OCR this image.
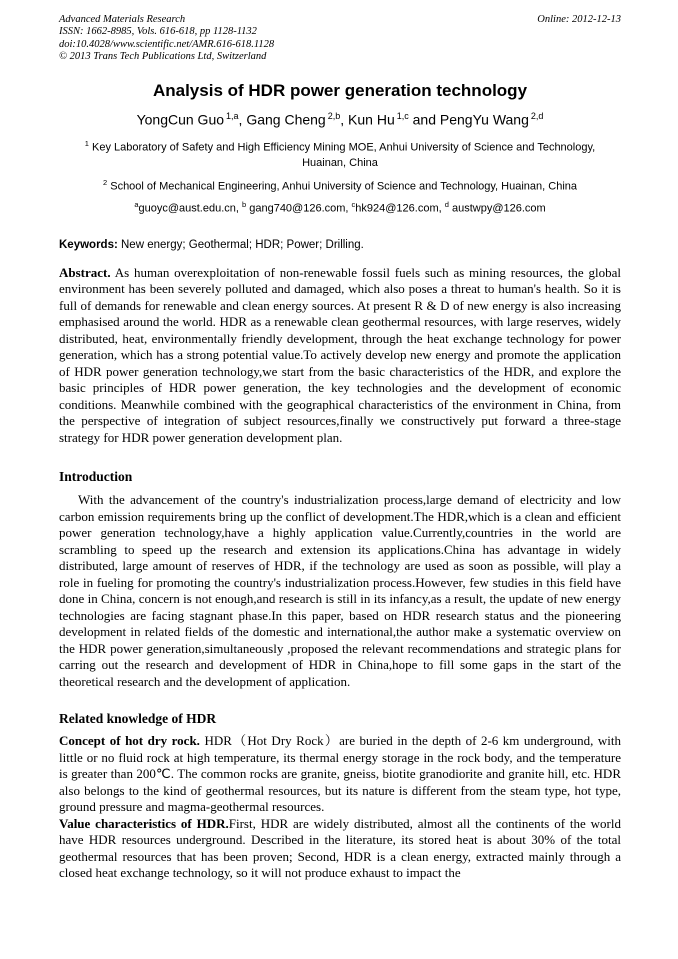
Advanced Materials Research
ISSN: 1662-8985, Vols. 616-618, pp 1128-1132
doi:10.4028/www.scientific.net/AMR.616-618.1128
© 2013 Trans Tech Publications Ltd, Switzerland
Online: 2012-12-13
Analysis of HDR power generation technology

YongCun Guo $^{1,a}$, Gang Cheng $^{2,b}$, Kun Hu $^{1,c}$ and PengYu Wang $^{2,d}$

$^1$ Key Laboratory of Safety and High Efficiency Mining MOE, Anhui University of Science and Technology, Huainan, China

$^2$ School of Mechanical Engineering, Anhui University of Science and Technology, Huainan, China

$^a$guoyc@aust.edu.cn, $^b$ gang740@126.com, $^c$hk924@126.com, $^d$ austwpy@126.com

Keywords: New energy; Geothermal; HDR; Power; Drilling.

Abstract. As human overexploitation of non-renewable fossil fuels such as mining resources, the global environment has been severely polluted and damaged, which also poses a threat to human's health. So it is full of demands for renewable and clean energy sources. At present R & D of new energy is also increasing emphasised around the world. HDR as a renewable clean geothermal resources, with large reserves, widely distributed, heat, environmentally friendly development, through the heat exchange technology for power generation, which has a strong potential value.To actively develop new energy and promote the application of HDR power generation technology,we start from the basic characteristics of the HDR, and explore the basic principles of HDR power generation, the key technologies and the development of economic conditions. Meanwhile combined with the geographical characteristics of the environment in China, from the perspective of integration of subject resources,finally we constructively put forward a three-stage strategy for HDR power generation development plan.

Introduction

With the advancement of the country's industrialization process,large demand of electricity and low carbon emission requirements bring up the conflict of development.The HDR,which is a clean and efficient power generation technology,have a highly application value.Currently,countries in the world are scrambling to speed up the research and extension its applications.China has advantage in widely distributed, large amount of reserves of HDR, if the technology are used as soon as possible, will play a role in fueling for promoting the country's industrialization process.However, few studies in this field have done in China, concern is not enough,and research is still in its infancy,as a result, the update of new energy technologies are facing stagnant phase.In this paper, based on HDR research status and the pioneering development in related fields of the domestic and international,the author make a systematic overview on the HDR power generation,simultaneously ,proposed the relevant recommendations and strategic plans for carring out the research and development of HDR in China,hope to fill some gaps in the start of the theoretical research and the development of application.

Related knowledge of HDR

Concept of hot dry rock. HDR（Hot Dry Rock）are buried in the depth of 2-6 km underground, with little or no fluid rock at high temperature, its thermal energy storage in the rock body, and the temperature is greater than 200℃. The common rocks are granite, gneiss, biotite granodiorite and granite hill, etc. HDR also belongs to the kind of geothermal resources, but its nature is different from the steam type, hot type, ground pressure and magma-geothermal resources.

Value characteristics of HDR.First, HDR are widely distributed, almost all the continents of the world have HDR resources underground. Described in the literature, its stored heat is about 30% of the total geothermal resources that has been proven; Second, HDR is a clean energy, extracted mainly through a closed heat exchange technology, so it will not produce exhaust to impact the
